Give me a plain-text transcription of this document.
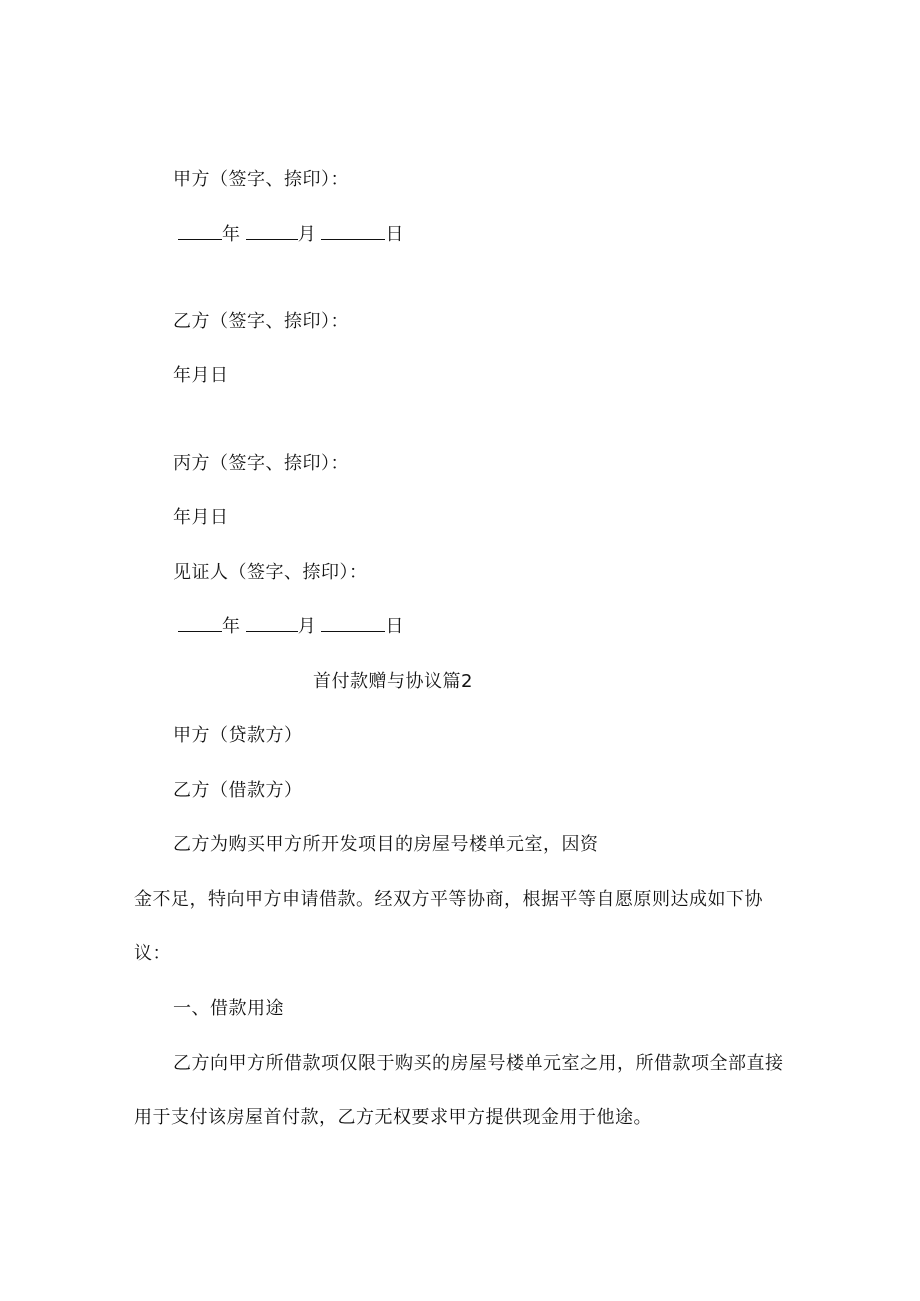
甲方（签字、捺印）：
年	月	日
乙方（签字、捺印）：
年月日
丙方（签字、捺印）：
年月日
见证人（签字、捺印）：
年	月	日
首付款赠与协议篇2
甲方（贷款方）
乙方（借款方）
乙方为购买甲方所开发项目的房屋号楼单元室，因资
金不足，特向甲方申请借款。经双方平等协商，根据平等自愿原则达成如下协
议：
一、借款用途
乙方向甲方所借款项仅限于购买的房屋号楼单元室之用，所借款项全部直接
用于支付该房屋首付款，乙方无权要求甲方提供现金用于他途。
